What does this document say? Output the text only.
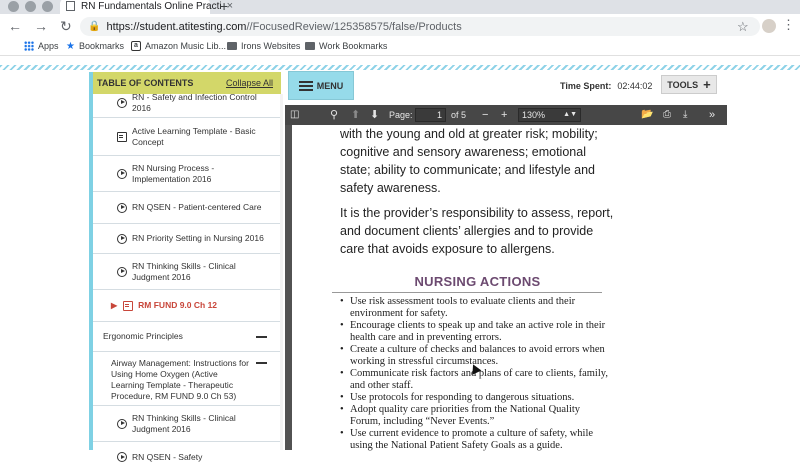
RN Fundamentals Online Practi ×
+
← → ↻ 🔒 https://student.atitesting.com //FocusedReview/125358575/false/Products	☆	⋮
Apps ★ Bookmarks	a Amazon Music Lib... Irons Websites Work Bookmarks
TABLE OF CONTENTS	Collapse All
RN - Safety and Infection Control 2016
Active Learning Template - Basic Concept
RN Nursing Process - Implementation 2016
RN QSEN - Patient-centered Care
RN Priority Setting in Nursing 2016
RN Thinking Skills - Clinical Judgment 2016
▶ RM FUND 9.0 Ch 12
Ergonomic Principles
Airway Management: Instructions for Using Home Oxygen (Active Learning Template - Therapeutic Procedure, RM FUND 9.0 Ch 53)
RN Thinking Skills - Clinical Judgment 2016
RN QSEN - Safety
MENU	Time Spent: 02:44:02 TOOLS +
◫	⚲ ⬆ ⬇ Page:	1	of 5 − +	130%	▲▼	📂 ⎙ ⤓ »
with the young and old at greater risk; mobility; cognitive and sensory awareness; emotional state; ability to communicate; and lifestyle and safety awareness.
It is the provider’s responsibility to assess, report, and document clients’ allergies and to provide care that avoids exposure to allergens.
NURSING ACTIONS
• Use risk assessment tools to evaluate clients and their environment for safety.
• Encourage clients to speak up and take an active role in their health care and in preventing errors.
• Create a culture of checks and balances to avoid errors when working in stressful circumstances.
• Communicate risk factors and plans of care to clients, family, and other staff.
• Use protocols for responding to dangerous situations.
• Adopt quality care priorities from the National Quality Forum, including “Never Events.”
• Use current evidence to promote a culture of safety, while using the National Patient Safety Goals as a guide.
